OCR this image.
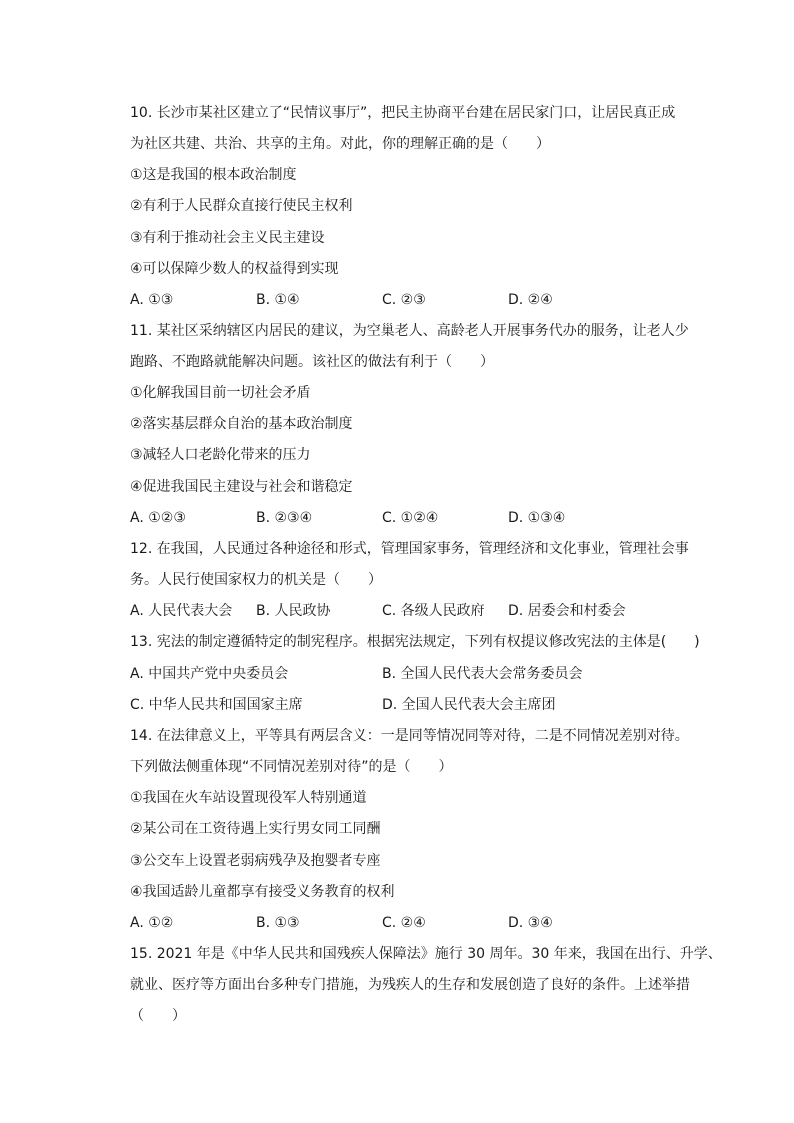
10. 长沙市某社区建立了“民情议事厅”，把民主协商平台建在居民家门口，让居民真正成
为社区共建、共治、共享的主角。对此，你的理解正确的是（　　）
①这是我国的根本政治制度
②有利于人民群众直接行使民主权利
③有利于推动社会主义民主建设
④可以保障少数人的权益得到实现
A. ①③	B. ①④	C. ②③	D. ②④
11. 某社区采纳辖区内居民的建议，为空巢老人、高龄老人开展事务代办的服务，让老人少
跑路、不跑路就能解决问题。该社区的做法有利于（　　）
①化解我国目前一切社会矛盾
②落实基层群众自治的基本政治制度
③减轻人口老龄化带来的压力
④促进我国民主建设与社会和谐稳定
A. ①②③	B. ②③④	C. ①②④	D. ①③④
12. 在我国，人民通过各种途径和形式，管理国家事务，管理经济和文化事业，管理社会事
务。人民行使国家权力的机关是（　　）
A. 人民代表大会 B. 人民政协	C. 各级人民政府 D. 居委会和村委会
13. 宪法的制定遵循特定的制宪程序。根据宪法规定，下列有权提议修改宪法的主体是(　　)
A. 中国共产党中央委员会	B. 全国人民代表大会常务委员会
C. 中华人民共和国国家主席	D. 全国人民代表大会主席团
14. 在法律意义上，平等具有两层含义：一是同等情况同等对待，二是不同情况差别对待。
下列做法侧重体现“不同情况差别对待”的是（　　）
①我国在火车站设置现役军人特别通道
②某公司在工资待遇上实行男女同工同酬
③公交车上设置老弱病残孕及抱婴者专座
④我国适龄儿童都享有接受义务教育的权利
A. ①②	B. ①③	C. ②④	D. ③④
15. 2021 年是《中华人民共和国残疾人保障法》施行 30 周年。30 年来，我国在出行、升学、
就业、医疗等方面出台多种专门措施，为残疾人的生存和发展创造了良好的条件。上述举措
（　　）
